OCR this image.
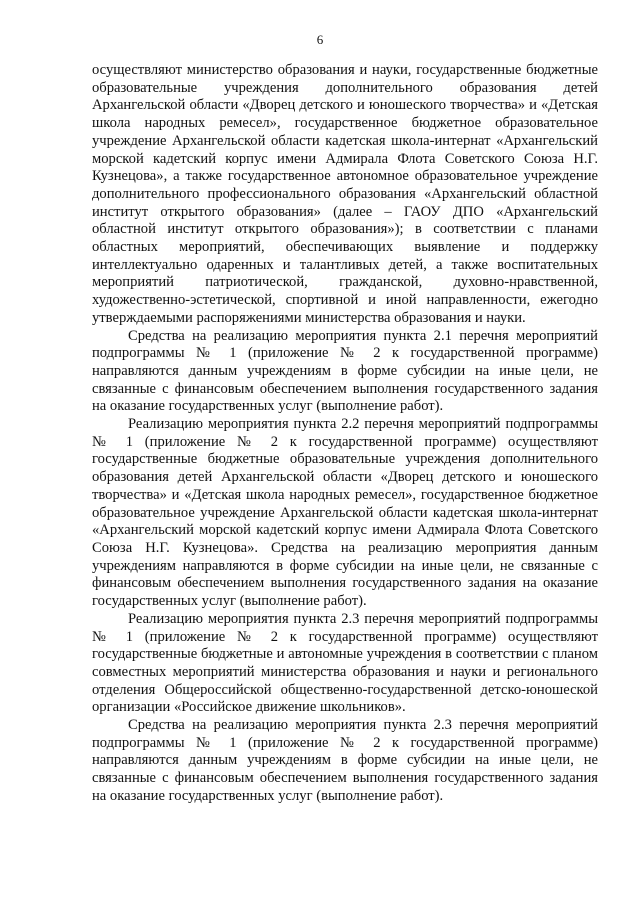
6

осуществляют министерство образования и науки, государственные бюджетные образовательные учреждения дополнительного образования детей Архангельской области «Дворец детского и юношеского творчества» и «Детская школа народных ремесел», государственное бюджетное образовательное учреждение Архангельской области кадетская школа-интернат «Архангельский морской кадетский корпус имени Адмирала Флота Советского Союза Н.Г. Кузнецова», а также государственное автономное образовательное учреждение дополнительного профессионального образования «Архангельский областной институт открытого образования» (далее – ГАОУ ДПО «Архангельский областной институт открытого образования»); в соответствии с планами областных мероприятий, обеспечивающих выявление и поддержку интеллектуально одаренных и талантливых детей, а также воспитательных мероприятий патриотической, гражданской, духовно-нравственной, художественно-эстетической, спортивной и иной направленности, ежегодно утверждаемыми распоряжениями министерства образования и науки.

Средства на реализацию мероприятия пункта 2.1 перечня мероприятий подпрограммы № 1 (приложение № 2 к государственной программе) направляются данным учреждениям в форме субсидии на иные цели, не связанные с финансовым обеспечением выполнения государственного задания на оказание государственных услуг (выполнение работ).

Реализацию мероприятия пункта 2.2 перечня мероприятий подпрограммы № 1 (приложение № 2 к государственной программе) осуществляют государственные бюджетные образовательные учреждения дополнительного образования детей Архангельской области «Дворец детского и юношеского творчества» и «Детская школа народных ремесел», государственное бюджетное образовательное учреждение Архангельской области кадетская школа-интернат «Архангельский морской кадетский корпус имени Адмирала Флота Советского Союза Н.Г. Кузнецова». Средства на реализацию мероприятия данным учреждениям направляются в форме субсидии на иные цели, не связанные с финансовым обеспечением выполнения государственного задания на оказание государственных услуг (выполнение работ).

Реализацию мероприятия пункта 2.3 перечня мероприятий подпрограммы № 1 (приложение № 2 к государственной программе) осуществляют государственные бюджетные и автономные учреждения в соответствии с планом совместных мероприятий министерства образования и науки и регионального отделения Общероссийской общественно-государственной детско-юношеской организации «Российское движение школьников».

Средства на реализацию мероприятия пункта 2.3 перечня мероприятий подпрограммы № 1 (приложение № 2 к государственной программе) направляются данным учреждениям в форме субсидии на иные цели, не связанные с финансовым обеспечением выполнения государственного задания на оказание государственных услуг (выполнение работ).
